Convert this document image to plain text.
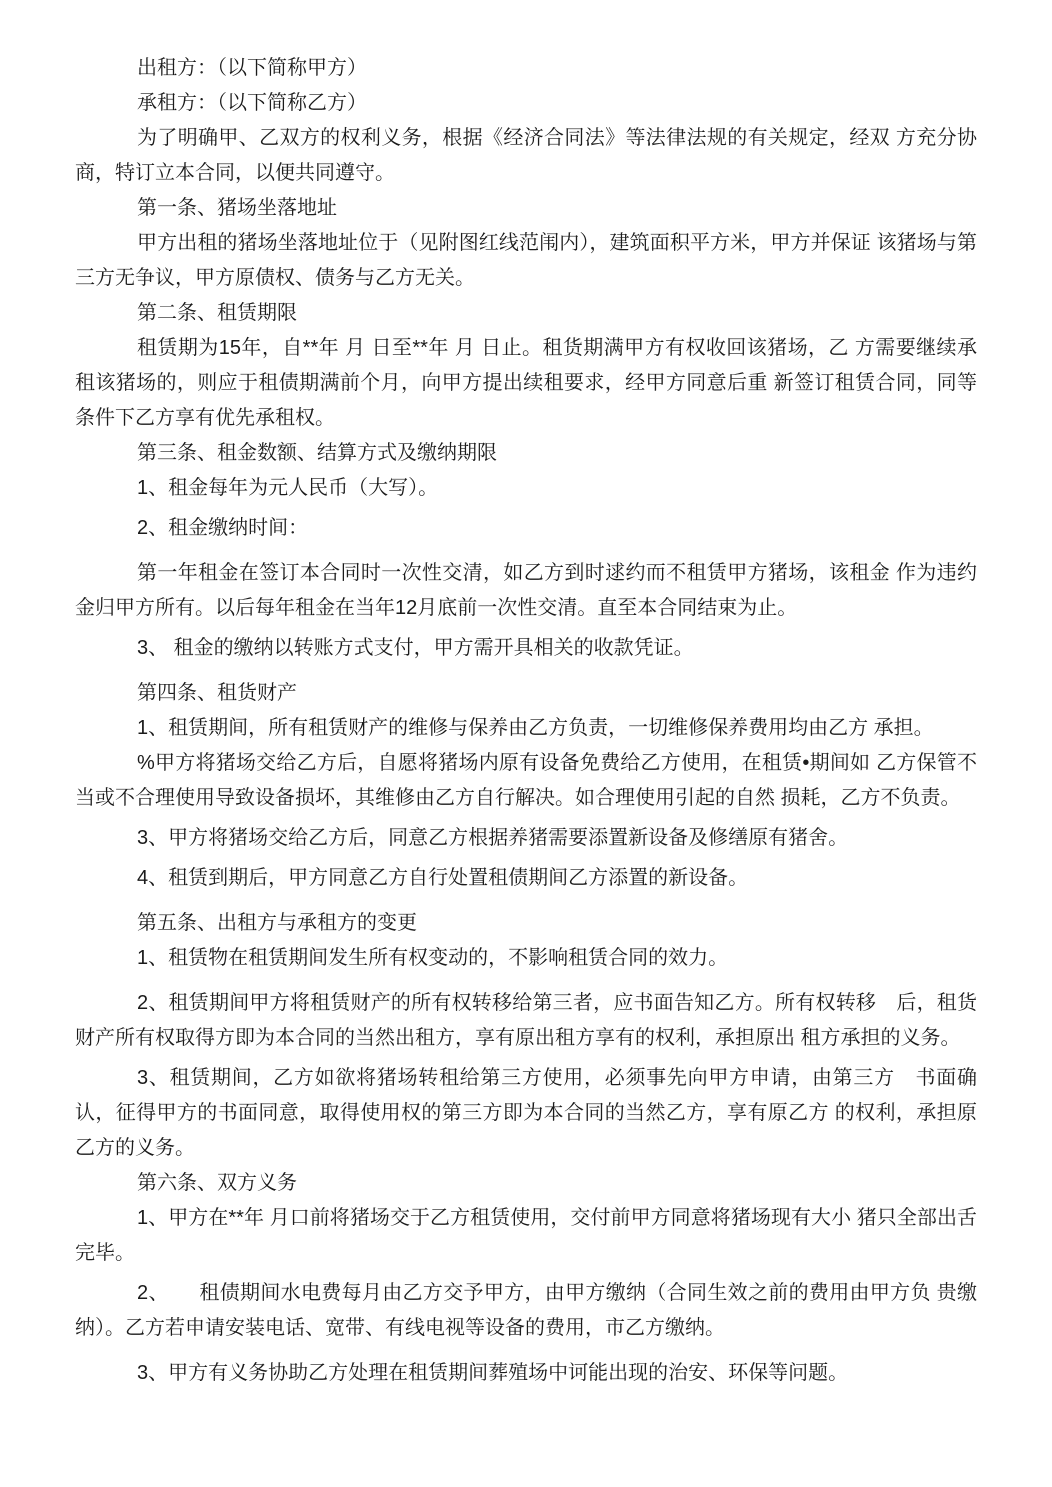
出租方：（以下简称甲方）

承租方：（以下简称乙方）

为了明确甲、乙双方的权利义务，根据《经济合同法》等法律法规的有关规定，经双 方充分协商，特订立本合同，以便共同遵守。

第一条、猪场坐落地址

甲方出租的猪场坐落地址位于（见附图红线范闱内），建筑面积平方米，甲方并保证 该猪场与第三方无争议，甲方原债权、债务与乙方无关。

第二条、租赁期限

租赁期为15年，自**年 月 日至**年 月 日止。租货期满甲方有权收回该猪场，乙 方需要继续承租该猪场的，则应于租债期满前个月，向甲方提出续租要求，经甲方同意后重 新签订租赁合同，同等条件下乙方享有优先承租权。

第三条、租金数额、结算方式及缴纳期限

1、租金每年为元人民币（大写）。

2、租金缴纳时间：

第一年租金在签订本合同时一次性交清，如乙方到时逑约而不租赁甲方猪场，该租金 作为违约金归甲方所有。以后每年租金在当年12月底前一次性交清。直至本合同结束为止。

3、 租金的缴纳以转账方式支付，甲方需开具相关的收款凭证。

第四条、租货财产

1、租赁期间，所有租赁财产的维修与保养由乙方负责，一切维修保养费用均由乙方 承担。

%甲方将猪场交给乙方后，自愿将猪场内原有设备免费给乙方使用，在租赁•期间如 乙方保管不当或不合理使用导致设备损坏，其维修由乙方自行解决。如合理使用引起的自然 损耗，乙方不负责。

3、甲方将猪场交给乙方后，同意乙方根据养猪需要添置新设备及修缮原有猪舍。

4、租赁到期后，甲方同意乙方自行处置租债期间乙方添置的新设备。

第五条、出租方与承租方的变更

1、租赁物在租赁期间发生所有权变动的，不影响租赁合同的效力。

2、租赁期间甲方将租赁财产的所有权转移给第三者，应书面告知乙方。所有权转移　后，租货财产所有权取得方即为本合同的当然出租方，享有原出租方享有的权利，承担原出 租方承担的义务。

3、租赁期间，乙方如欲将猪场转租给第三方使用，必须事先向甲方申请，由第三方　书面确认，征得甲方的书面同意，取得使用权的第三方即为本合同的当然乙方，享有原乙方 的权利，承担原乙方的义务。

第六条、双方义务

1、甲方在**年 月口前将猪场交于乙方租赁使用，交付前甲方同意将猪场现有大小 猪只全部出舌完毕。

2、　　租债期间水电费每月由乙方交予甲方，由甲方缴纳（合同生效之前的费用由甲方负 贵缴纳）。乙方若申请安装电话、宽带、有线电视等设备的费用，市乙方缴纳。

3、甲方有义务协助乙方处理在租赁期间葬殖场中诃能出现的治安、环保等问题。
